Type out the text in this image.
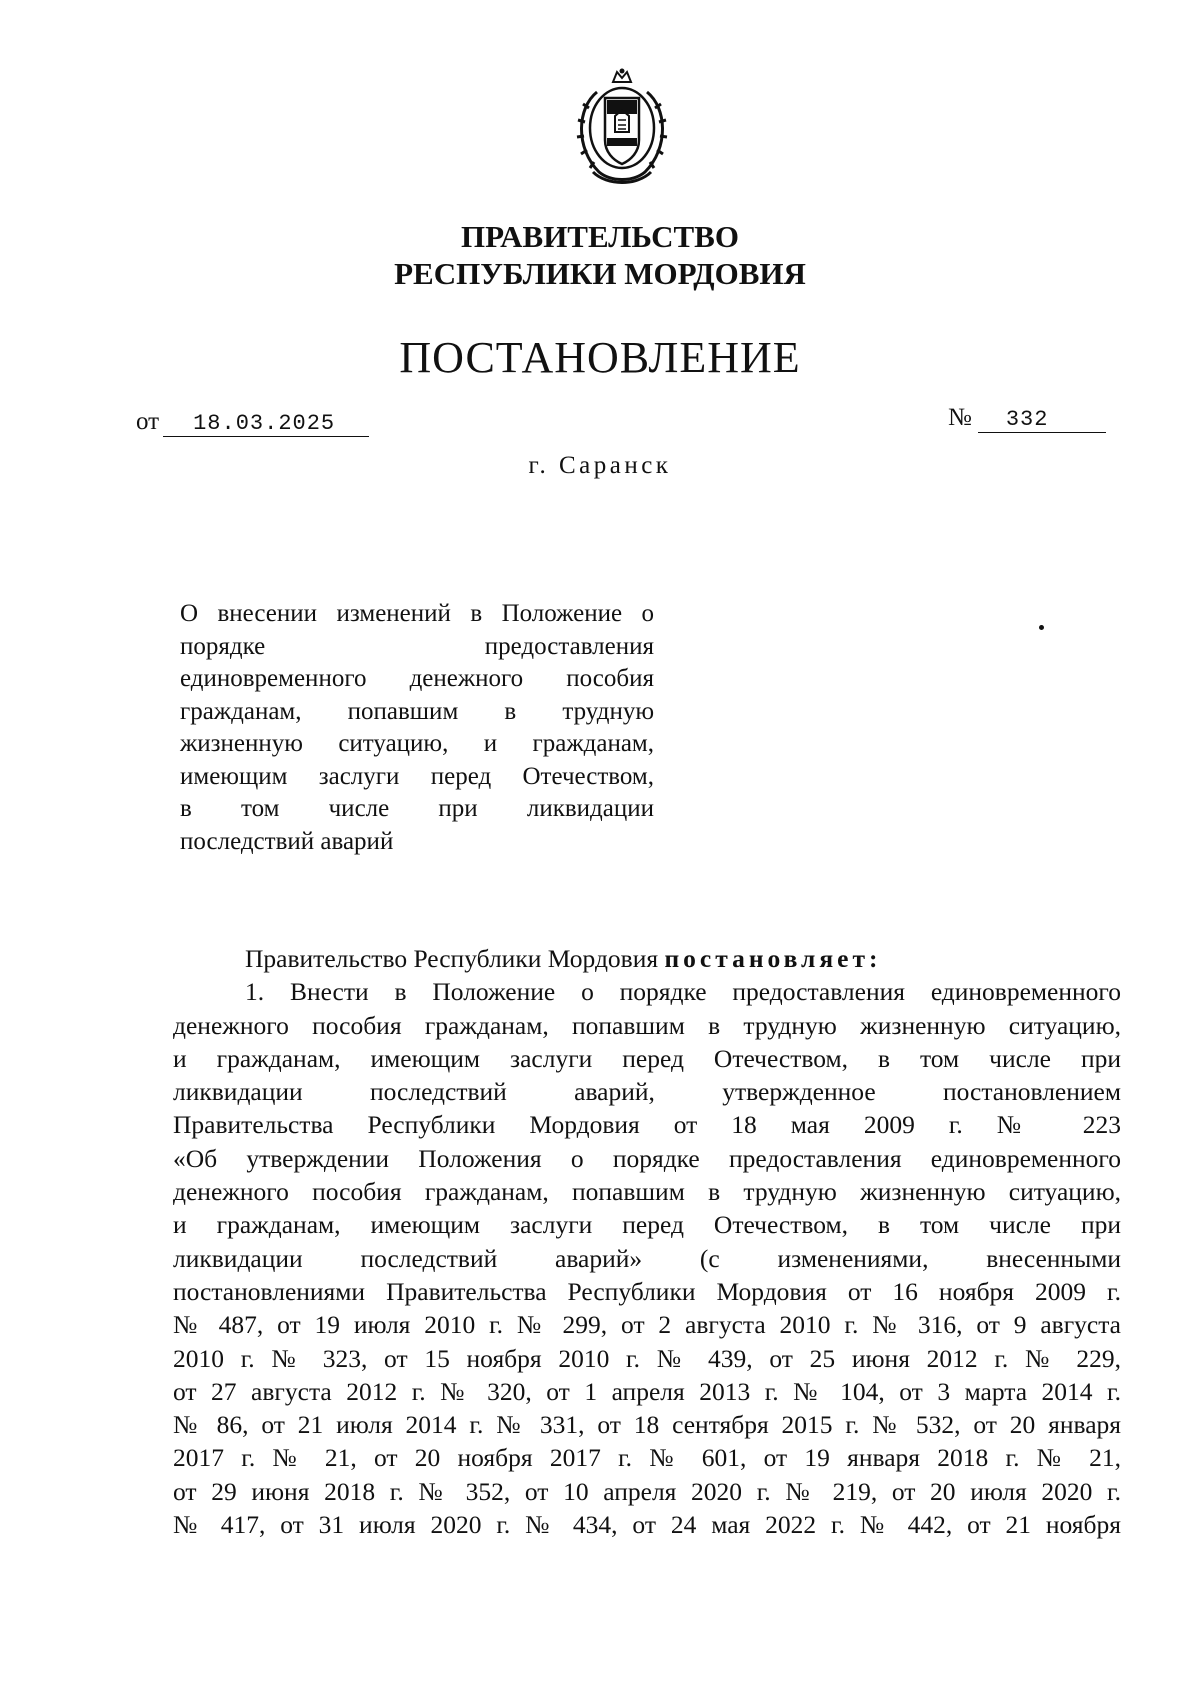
ПРАВИТЕЛЬСТВО
РЕСПУБЛИКИ МОРДОВИЯ
ПОСТАНОВЛЕНИЕ
от 18.03.2025	№ 332
г. Саранск
О внесении изменений в Положение о
порядке предоставления
единовременного денежного пособия
гражданам, попавшим в трудную
жизненную ситуацию, и гражданам,
имеющим заслуги перед Отечеством,
в том числе при ликвидации
последствий аварий
Правительство Республики Мордовия постановляет:
1. Внести в Положение о порядке предоставления единовременного
денежного пособия гражданам, попавшим в трудную жизненную ситуацию,
и гражданам, имеющим заслуги перед Отечеством, в том числе при
ликвидации последствий аварий, утвержденное постановлением
Правительства Республики Мордовия от 18 мая 2009 г. № 223
«Об утверждении Положения о порядке предоставления единовременного
денежного пособия гражданам, попавшим в трудную жизненную ситуацию,
и гражданам, имеющим заслуги перед Отечеством, в том числе при
ликвидации последствий аварий» (с изменениями, внесенными
постановлениями Правительства Республики Мордовия от 16 ноября 2009 г.
№ 487, от 19 июля 2010 г. № 299, от 2 августа 2010 г. № 316, от 9 августа
2010 г. № 323, от 15 ноября 2010 г. № 439, от 25 июня 2012 г. № 229,
от 27 августа 2012 г. № 320, от 1 апреля 2013 г. № 104, от 3 марта 2014 г.
№ 86, от 21 июля 2014 г. № 331, от 18 сентября 2015 г. № 532, от 20 января
2017 г. № 21, от 20 ноября 2017 г. № 601, от 19 января 2018 г. № 21,
от 29 июня 2018 г. № 352, от 10 апреля 2020 г. № 219, от 20 июля 2020 г.
№ 417, от 31 июля 2020 г. № 434, от 24 мая 2022 г. № 442, от 21 ноября
